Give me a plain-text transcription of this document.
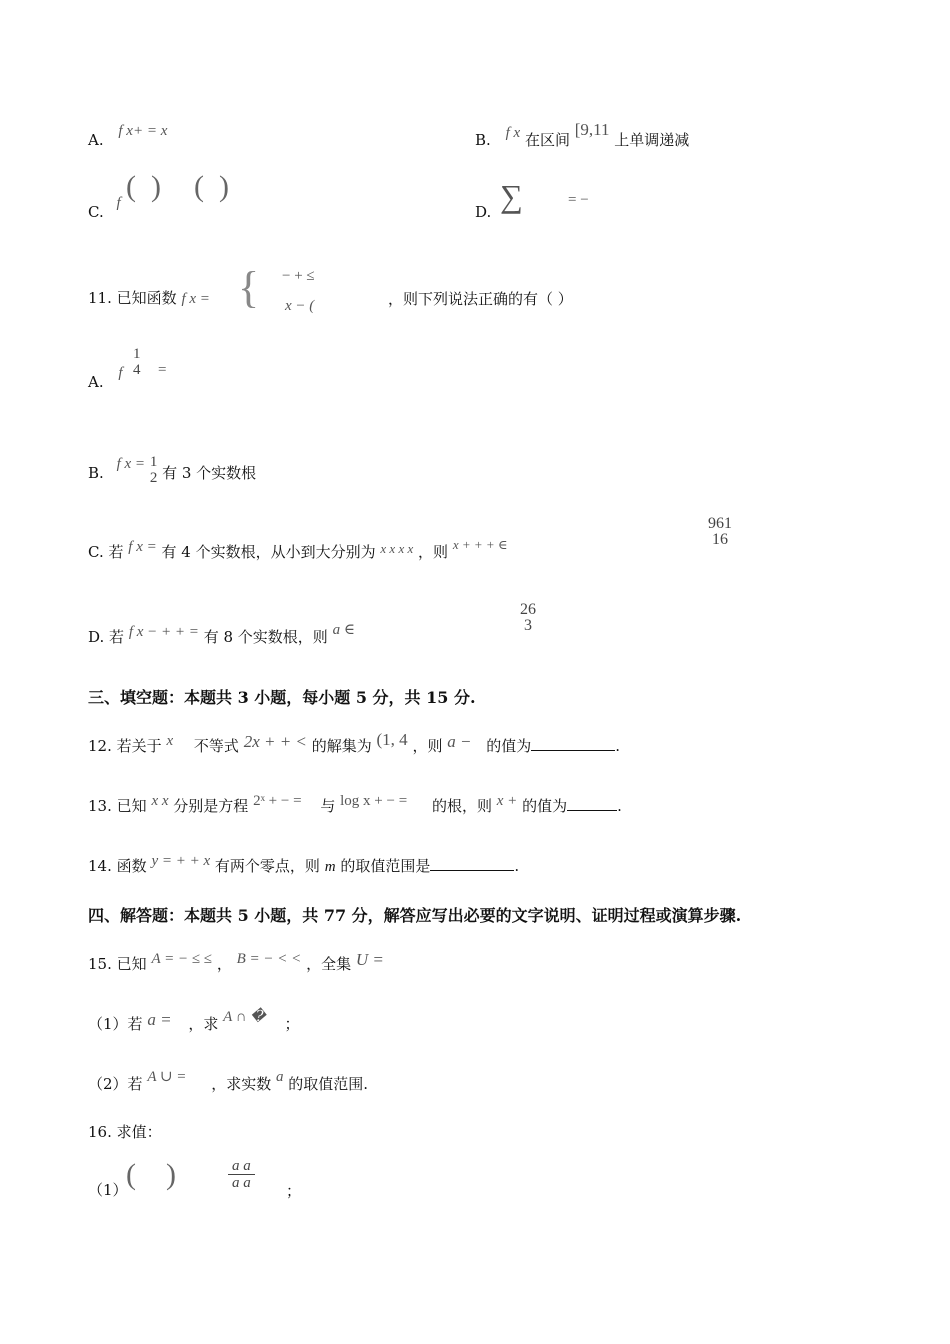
A. f x+ = x	B. f x 在区间 [9,11 上单调递减
C. f (  ) (  )
D. ∑	= −
11. 已知函数 f x = { − + ≤
x − (	，则下列说法正确的有（ ）
A. f
1
4 =
B. f x = 1
2 有 3 个实数根
C. 若 f x = 有 4 个实数根，从小到大分别为 x x x x ，则 x + + + ∈
961
16
D. 若 f x − + + = 有 8 个实数根，则 a ∈
26
3
三、填空题：本题共 3 小题，每小题 5 分，共 15 分.
12. 若关于 x 不等式 2x + + < 的解集为 (1, 4 ，则 a − 的值为	.
13. 已知 x x 分别是方程 2ˣ + − = 与 log x + − = 的根，则 x + 的值为	.
14. 函数 y = + + x 有两个零点，则 m 的取值范围是	.
四、解答题：本题共 5 小题，共 77 分，解答应写出必要的文字说明、证明过程或演算步骤.
15. 已知 A = − ≤ ≤ ， B = − < < ，全集 U =
（1）若 a = ，求 A ∩ � ；
（2）若 A ∪ = ，求实数 a 的取值范围.
16. 求值：
（1）
(    )	$\frac{\text{a a}}{\text{a a}}$ ；
